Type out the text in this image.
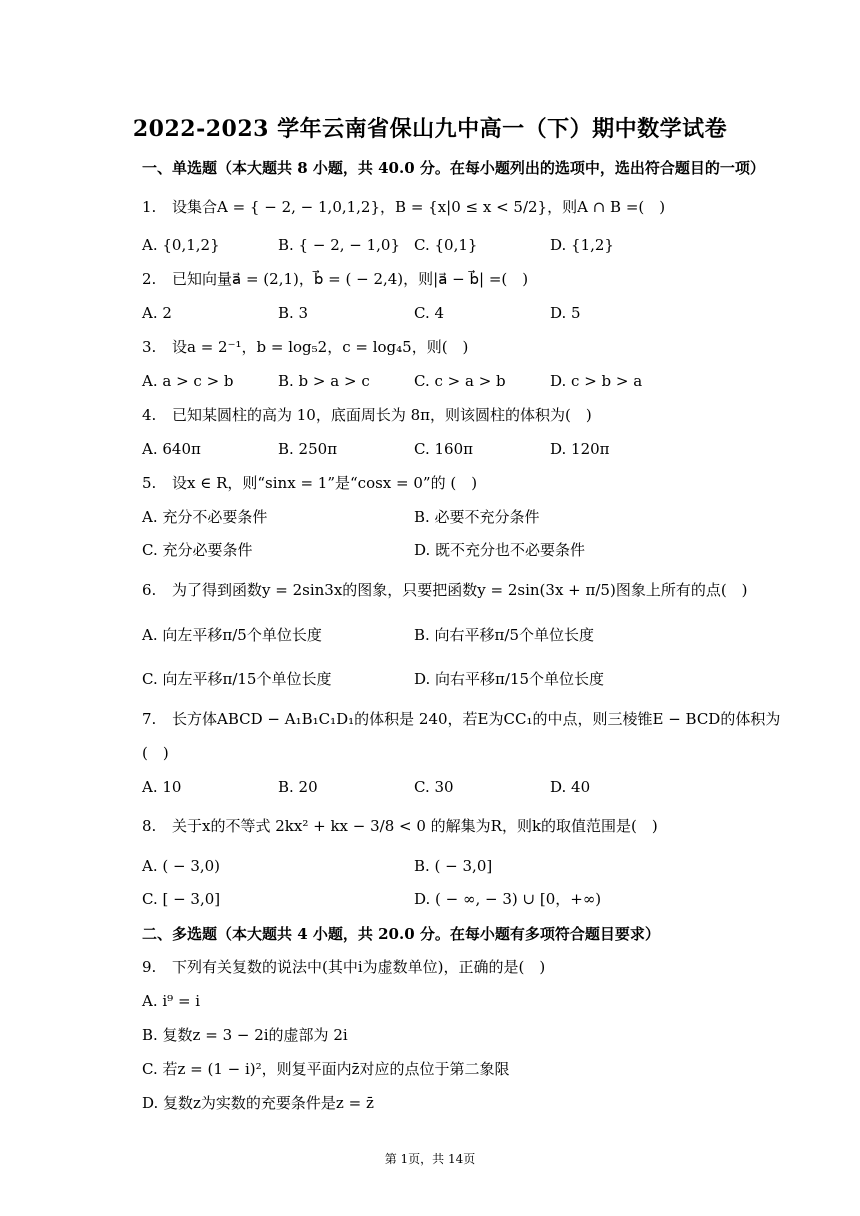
2022-2023 学年云南省保山九中高一（下）期中数学试卷
一、单选题（本大题共 8 小题，共 40.0 分。在每小题列出的选项中，选出符合题目的一项）
1. 设集合A = { − 2, − 1,0,1,2}，B = {x|0 ≤ x < 5/2}，则A ∩ B =(　)
A. {0,1,2}	B. { − 2, − 1,0} C. {0,1}	D. {1,2}
2. 已知向量a⃗ = (2,1)，b⃗ = ( − 2,4)，则|a⃗ − b⃗| =(　)
A. 2	B. 3	C. 4	D. 5
3. 设a = 2⁻¹，b = log₅2，c = log₄5，则(　)
A. a > c > b	B. b > a > c	C. c > a > b	D. c > b > a
4. 已知某圆柱的高为 10，底面周长为 8π，则该圆柱的体积为(　)
A. 640π	B. 250π	C. 160π	D. 120π
5. 设x ∈ R，则“sinx = 1”是“cosx = 0”的 (　)
A. 充分不必要条件	B. 必要不充分条件
C. 充分必要条件	D. 既不充分也不必要条件
6. 为了得到函数y = 2sin3x的图象，只要把函数y = 2sin(3x + π/5)图象上所有的点(　)
A. 向左平移π/5个单位长度	B. 向右平移π/5个单位长度
C. 向左平移π/15个单位长度	D. 向右平移π/15个单位长度
7. 长方体ABCD − A₁B₁C₁D₁的体积是 240，若E为CC₁的中点，则三棱锥E − BCD的体积为
(　)
A. 10	B. 20	C. 30	D. 40
8. 关于x的不等式 2kx² + kx − 3/8 < 0 的解集为R，则k的取值范围是(　)
A. ( − 3,0)	B. ( − 3,0]
C. [ − 3,0]	D. ( − ∞, − 3) ∪ [0，+∞)
二、多选题（本大题共 4 小题，共 20.0 分。在每小题有多项符合题目要求）
9. 下列有关复数的说法中(其中i为虚数单位)，正确的是(　)
A. i⁹ = i
B. 复数z = 3 − 2i的虚部为 2i
C. 若z = (1 − i)²，则复平面内z̄对应的点位于第二象限
D. 复数z为实数的充要条件是z = z̄
第 1页，共 14页
